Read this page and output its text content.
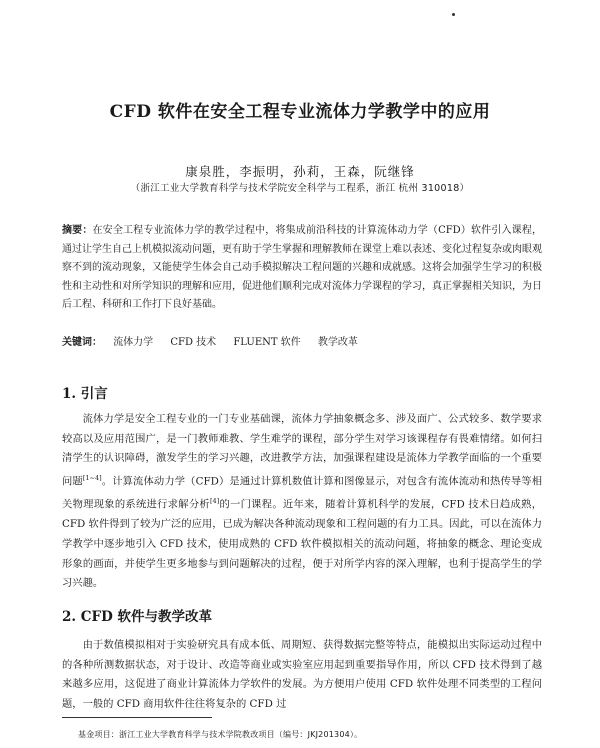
CFD 软件在安全工程专业流体力学教学中的应用
康泉胜，李振明，孙莉，王森，阮继锋
（浙江工业大学教育科学与技术学院安全科学与工程系，浙江 杭州 310018）
摘要：在安全工程专业流体力学的教学过程中，将集成前沿科技的计算流体动力学（CFD）软件引入课程，通过让学生自己上机模拟流动问题，更有助于学生掌握和理解教师在课堂上难以表述、变化过程复杂或肉眼观察不到的流动现象，又能使学生体会自己动手模拟解决工程问题的兴趣和成就感。这将会加强学生学习的积极性和主动性和对所学知识的理解和应用，促进他们顺利完成对流体力学课程的学习，真正掌握相关知识，为日后工程、科研和工作打下良好基础。
关键词： 流体力学 CFD 技术 FLUENT 软件 教学改革
1. 引言

流体力学是安全工程专业的一门专业基础课，流体力学抽象概念多、涉及面广、公式较多、数学要求较高以及应用范围广，是一门教师难教、学生难学的课程，部分学生对学习该课程存有畏难情绪。如何扫清学生的认识障碍，激发学生的学习兴趣，改进教学方法，加强课程建设是流体力学教学面临的一个重要问题[1~4]。计算流体动力学（CFD）是通过计算机数值计算和图像显示，对包含有流体流动和热传导等相关物理现象的系统进行求解分析[4]的一门课程。近年来，随着计算机科学的发展，CFD 技术日趋成熟，CFD 软件得到了较为广泛的应用，已成为解决各种流动现象和工程问题的有力工具。因此，可以在流体力学教学中逐步地引入 CFD 技术，使用成熟的 CFD 软件模拟相关的流动问题，将抽象的概念、理论变成形象的画面，并使学生更多地参与到问题解决的过程，便于对所学内容的深入理解，也利于提高学生的学习兴趣。

2. CFD 软件与教学改革

由于数值模拟相对于实验研究具有成本低、周期短、获得数据完整等特点，能模拟出实际运动过程中的各种所测数据状态，对于设计、改造等商业或实验室应用起到重要指导作用，所以 CFD 技术得到了越来越多应用，这促进了商业计算流体力学软件的发展。为方便用户使用 CFD 软件处理不同类型的工程问题，一般的 CFD 商用软件往往将复杂的 CFD 过

基金项目：浙江工业大学教育科学与技术学院教改项目（编号：JKJ201304）。
